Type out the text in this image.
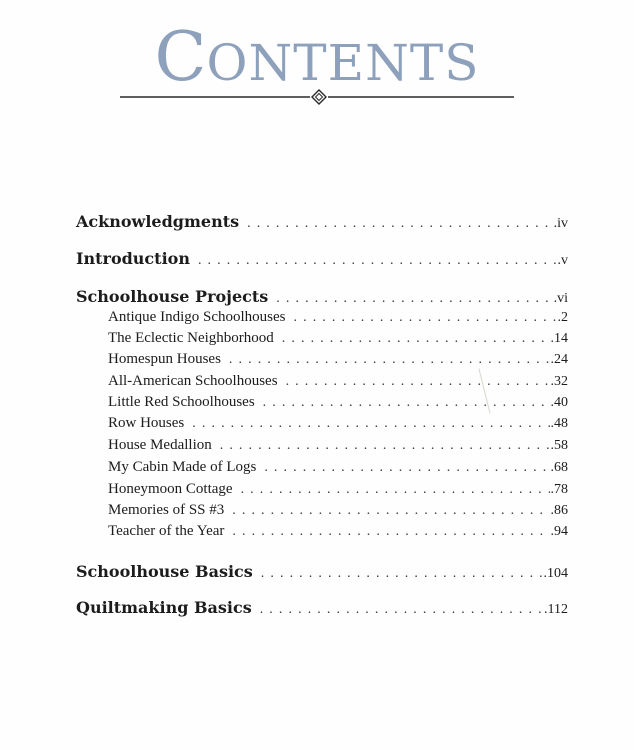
CONTENTS
Acknowledgments . . .	.iv
Introduction . . .	.v
Schoolhouse Projects . . .	.vi
Antique Indigo Schoolhouses . . .	.2
The Eclectic Neighborhood . . .	.14
Homespun Houses . . .	.24
All-American Schoolhouses . . .	.32
Little Red Schoolhouses . . .	.40
Row Houses . . .	.48
House Medallion . . .	.58
My Cabin Made of Logs . . .	.68
Honeymoon Cottage . . .	.78
Memories of SS #3 . . .	.86
Teacher of the Year . . .	.94
Schoolhouse Basics . . .	.104
Quiltmaking Basics . . .	.112
